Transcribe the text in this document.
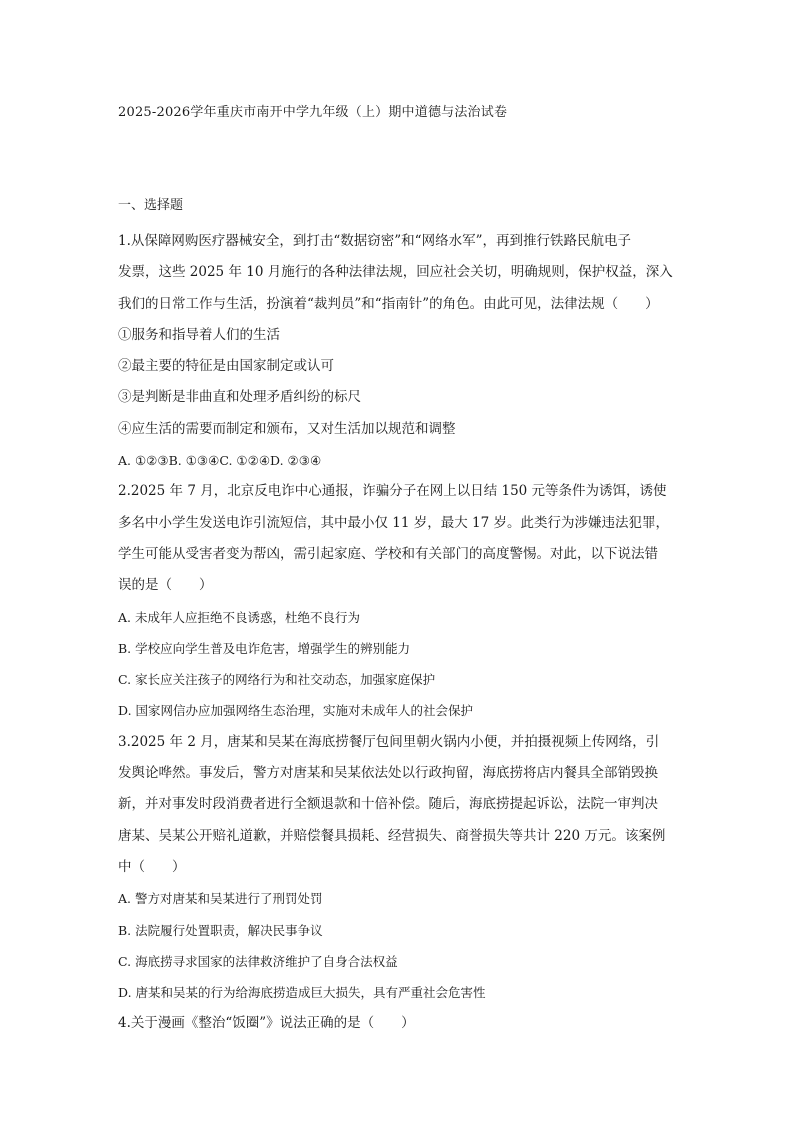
2025-2026学年重庆市南开中学九年级（上）期中道德与法治试卷
一、选择题
1.从保障网购医疗器械安全，到打击“数据窃密”和“网络水军”，再到推行铁路民航电子
发票，这些 2025 年 10 月施行的各种法律法规，回应社会关切，明确规则，保护权益，深入
我们的日常工作与生活，扮演着“裁判员”和“指南针”的角色。由此可见，法律法规（　　）
①服务和指导着人们的生活
②最主要的特征是由国家制定或认可
③是判断是非曲直和处理矛盾纠纷的标尺
④应生活的需要而制定和颁布，又对生活加以规范和调整
A. ①②③B. ①③④C. ①②④D. ②③④
2.2025 年 7 月，北京反电诈中心通报，诈骗分子在网上以日结 150 元等条件为诱饵，诱使
多名中小学生发送电诈引流短信，其中最小仅 11 岁，最大 17 岁。此类行为涉嫌违法犯罪，
学生可能从受害者变为帮凶，需引起家庭、学校和有关部门的高度警惕。对此，以下说法错
误的是（　　）
A. 未成年人应拒绝不良诱惑，杜绝不良行为
B. 学校应向学生普及电诈危害，增强学生的辨别能力
C. 家长应关注孩子的网络行为和社交动态，加强家庭保护
D. 国家网信办应加强网络生态治理，实施对未成年人的社会保护
3.2025 年 2 月，唐某和吴某在海底捞餐厅包间里朝火锅内小便，并拍摄视频上传网络，引
发舆论哗然。事发后，警方对唐某和吴某依法处以行政拘留，海底捞将店内餐具全部销毁换
新，并对事发时段消费者进行全额退款和十倍补偿。随后，海底捞提起诉讼，法院一审判决
唐某、吴某公开赔礼道歉，并赔偿餐具损耗、经营损失、商誉损失等共计 220 万元。该案例
中（　　）
A. 警方对唐某和吴某进行了刑罚处罚
B. 法院履行处置职责，解决民事争议
C. 海底捞寻求国家的法律救济维护了自身合法权益
D. 唐某和吴某的行为给海底捞造成巨大损失，具有严重社会危害性
4.关于漫画《整治“饭圈”》说法正确的是（　　）
